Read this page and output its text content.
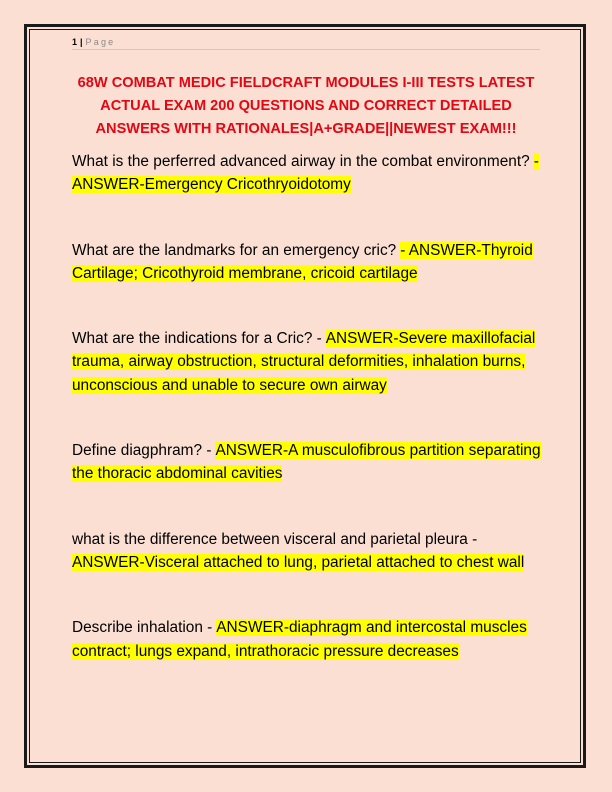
1 | Page
68W COMBAT MEDIC FIELDCRAFT MODULES I-III TESTS LATEST ACTUAL EXAM 200 QUESTIONS AND CORRECT DETAILED ANSWERS WITH RATIONALES|A+GRADE||NEWEST EXAM!!!

What is the perferred advanced airway in the combat environment? - ANSWER-Emergency Cricothryoidotomy

What are the landmarks for an emergency cric? - ANSWER-Thyroid Cartilage; Cricothyroid membrane, cricoid cartilage

What are the indications for a Cric? - ANSWER-Severe maxillofacial trauma, airway obstruction, structural deformities, inhalation burns, unconscious and unable to secure own airway

Define diagphram? - ANSWER-A musculofibrous partition separating the thoracic abdominal cavities

what is the difference between visceral and parietal pleura -ANSWER-Visceral attached to lung, parietal attached to chest wall

Describe inhalation - ANSWER-diaphragm and intercostal muscles contract; lungs expand, intrathoracic pressure decreases
